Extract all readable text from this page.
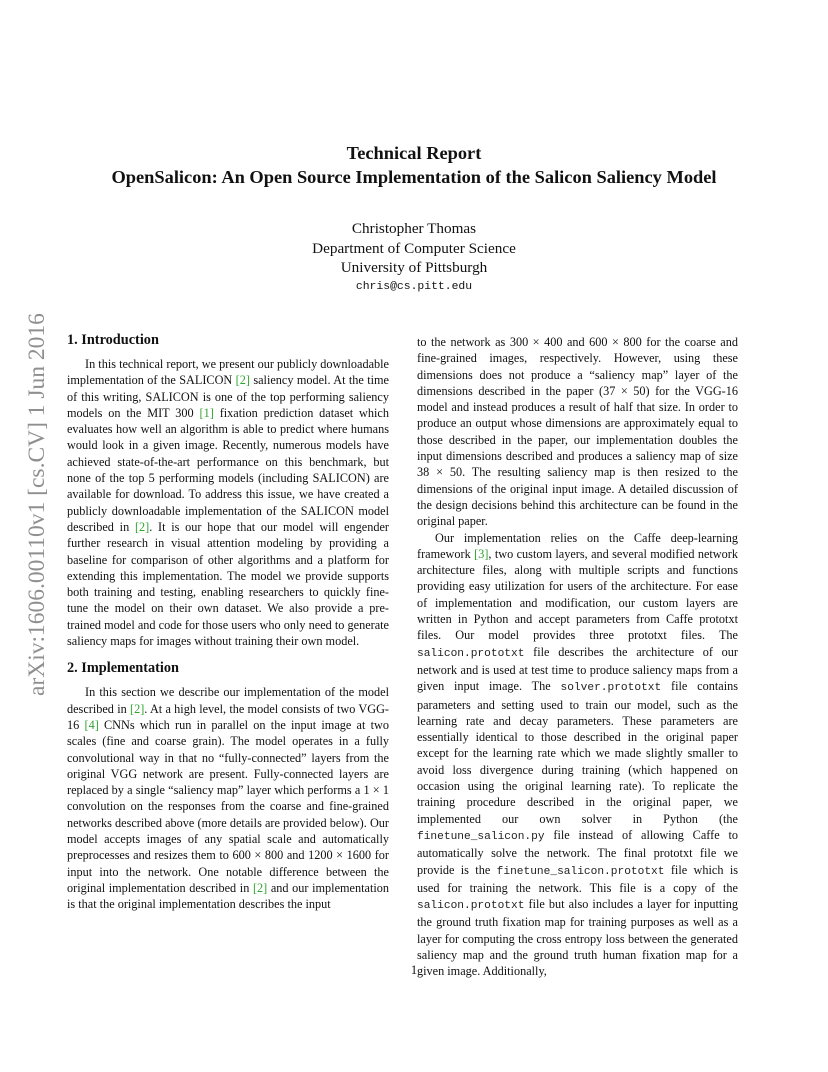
arXiv:1606.00110v1 [cs.CV] 1 Jun 2016
Technical Report
OpenSalicon: An Open Source Implementation of the Salicon Saliency Model
Christopher Thomas
Department of Computer Science
University of Pittsburgh
chris@cs.pitt.edu
1. Introduction

In this technical report, we present our publicly downloadable implementation of the SALICON [2] saliency model. At the time of this writing, SALICON is one of the top performing saliency models on the MIT 300 [1] fixation prediction dataset which evaluates how well an algorithm is able to predict where humans would look in a given image. Recently, numerous models have achieved state-of-the-art performance on this benchmark, but none of the top 5 performing models (including SALICON) are available for download. To address this issue, we have created a publicly downloadable implementation of the SALICON model described in [2]. It is our hope that our model will engender further research in visual attention modeling by providing a baseline for comparison of other algorithms and a platform for extending this implementation. The model we provide supports both training and testing, enabling researchers to quickly fine-tune the model on their own dataset. We also provide a pre-trained model and code for those users who only need to generate saliency maps for images without training their own model.

2. Implementation

In this section we describe our implementation of the model described in [2]. At a high level, the model consists of two VGG-16 [4] CNNs which run in parallel on the input image at two scales (fine and coarse grain). The model operates in a fully convolutional way in that no “fully-connected” layers from the original VGG network are present. Fully-connected layers are replaced by a single “saliency map” layer which performs a 1 × 1 convolution on the responses from the coarse and fine-grained networks described above (more details are provided below). Our model accepts images of any spatial scale and automatically preprocesses and resizes them to 600 × 800 and 1200 × 1600 for input into the network. One notable difference between the original implementation described in [2] and our implementation is that the original implementation describes the input

to the network as 300 × 400 and 600 × 800 for the coarse and fine-grained images, respectively. However, using these dimensions does not produce a “saliency map” layer of the dimensions described in the paper (37 × 50) for the VGG-16 model and instead produces a result of half that size. In order to produce an output whose dimensions are approximately equal to those described in the paper, our implementation doubles the input dimensions described and produces a saliency map of size 38 × 50. The resulting saliency map is then resized to the dimensions of the original input image. A detailed discussion of the design decisions behind this architecture can be found in the original paper.

Our implementation relies on the Caffe deep-learning framework [3], two custom layers, and several modified network architecture files, along with multiple scripts and functions providing easy utilization for users of the architecture. For ease of implementation and modification, our custom layers are written in Python and accept parameters from Caffe prototxt files. Our model provides three prototxt files. The salicon.prototxt file describes the architecture of our network and is used at test time to produce saliency maps from a given input image. The solver.prototxt file contains parameters and setting used to train our model, such as the learning rate and decay parameters. These parameters are essentially identical to those described in the original paper except for the learning rate which we made slightly smaller to avoid loss divergence during training (which happened on occasion using the original learning rate). To replicate the training procedure described in the original paper, we implemented our own solver in Python (the finetune_salicon.py file instead of allowing Caffe to automatically solve the network. The final prototxt file we provide is the finetune_salicon.prototxt file which is used for training the network. This file is a copy of the salicon.prototxt file but also includes a layer for inputting the ground truth fixation map for training purposes as well as a layer for computing the cross entropy loss between the generated saliency map and the ground truth human fixation map for a given image. Additionally,

1
